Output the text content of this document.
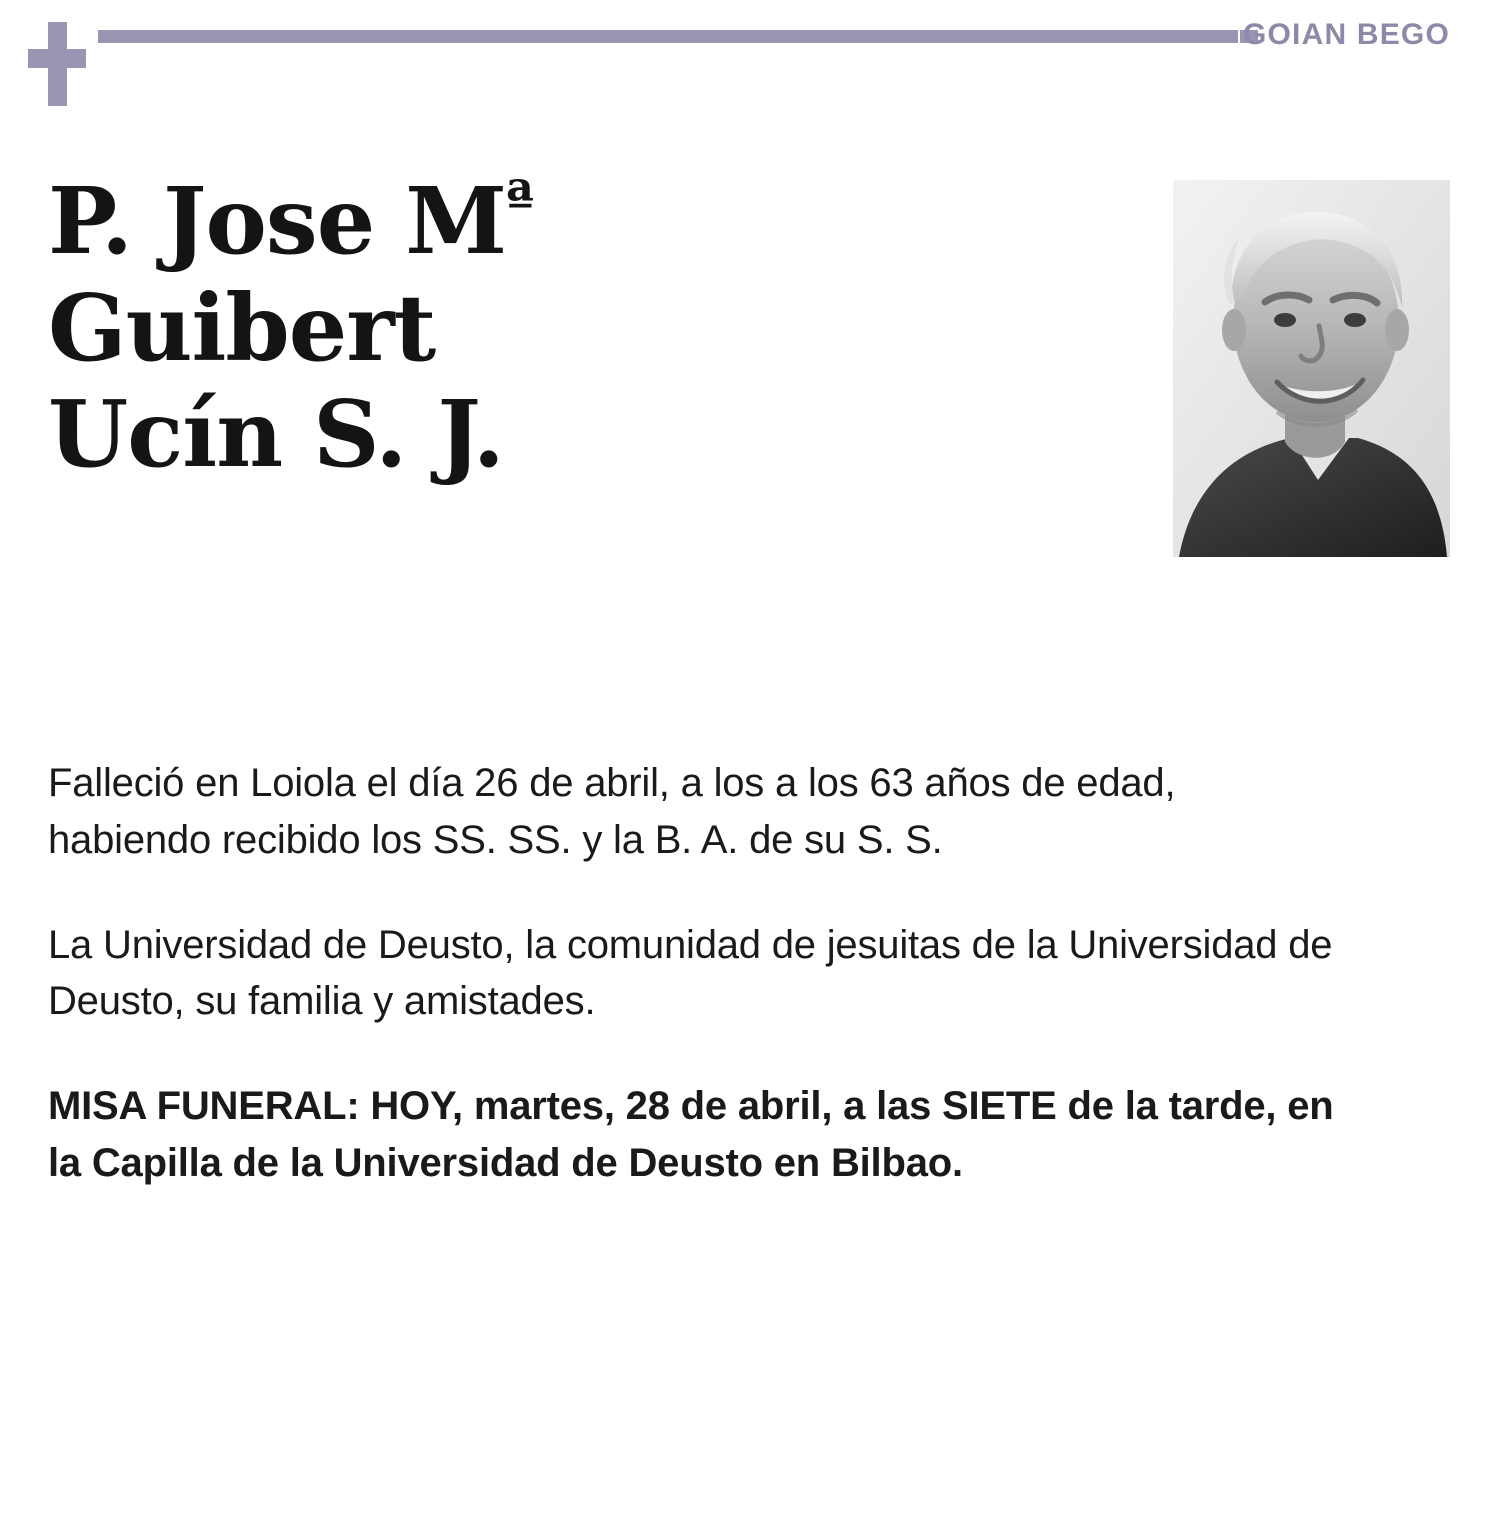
GOIAN BEGO
P. Jose $M^ª$
Guibert
Ucín S. J.

Falleció en Loiola el día 26 de abril, a los a los 63 años de edad, habiendo recibido los SS. SS. y la B. A. de su S. S.

La Universidad de Deusto, la comunidad de jesuitas de la Universidad de Deusto, su familia y amistades.

MISA FUNERAL: HOY, martes, 28 de abril, a las SIETE de la tarde, en la Capilla de la Universidad de Deusto en Bilbao.
